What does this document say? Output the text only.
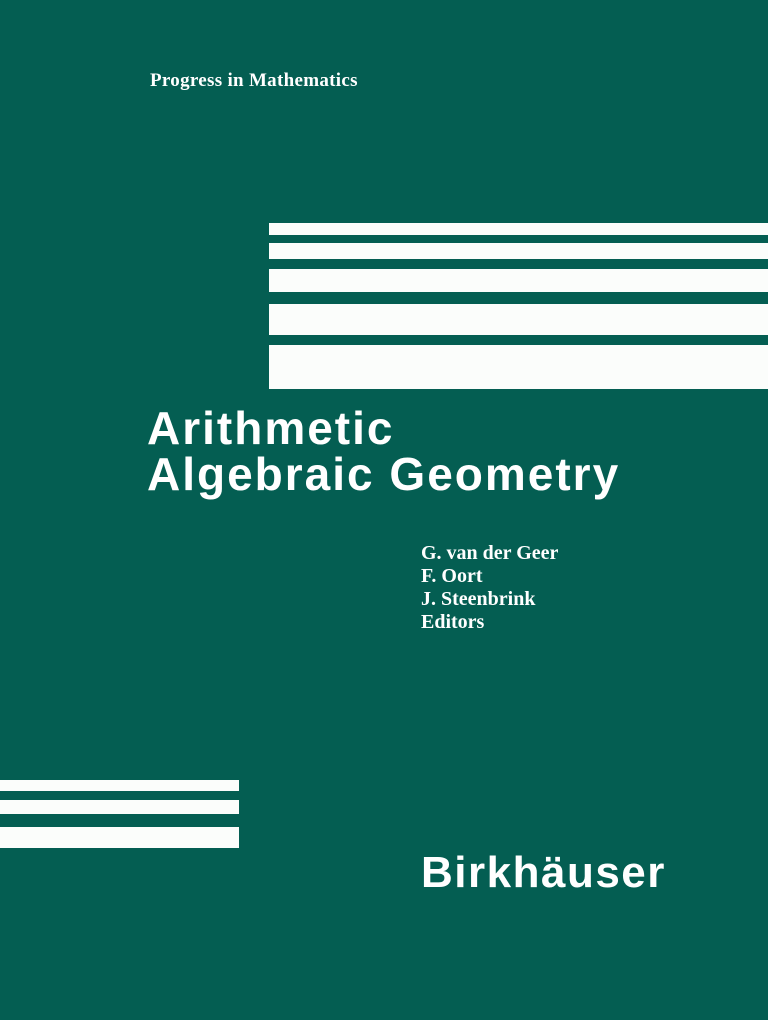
Progress in Mathematics
Arithmetic
Algebraic Geometry
G. van der Geer
F. Oort
J. Steenbrink
Editors
Birkhäuser
